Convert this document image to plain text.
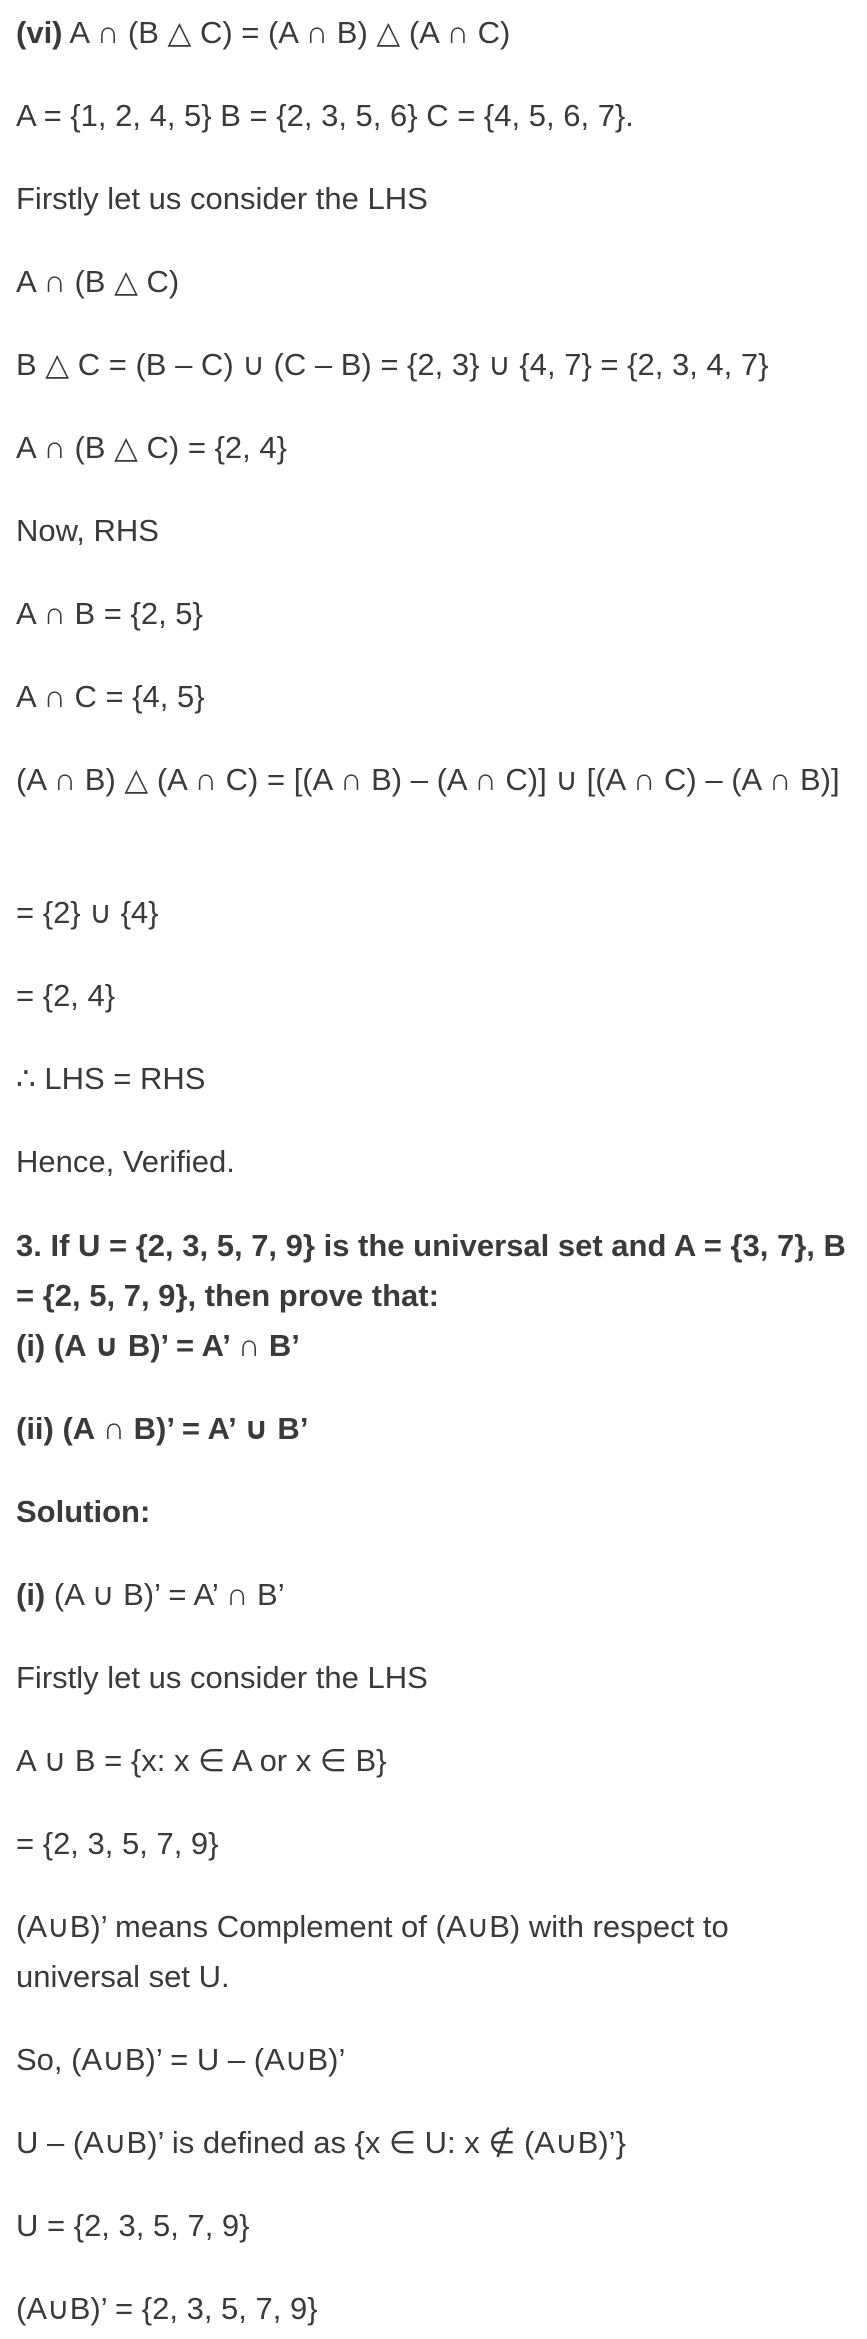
(vi) A ∩ (B △ C) = (A ∩ B) △ (A ∩ C)
A = {1, 2, 4, 5} B = {2, 3, 5, 6} C = {4, 5, 6, 7}.
Firstly let us consider the LHS
A ∩ (B △ C)
B △ C = (B – C) ∪ (C – B) = {2, 3} ∪ {4, 7} = {2, 3, 4, 7}
A ∩ (B △ C) = {2, 4}
Now, RHS
A ∩ B = {2, 5}
A ∩ C = {4, 5}
(A ∩ B) △ (A ∩ C) = [(A ∩ B) – (A ∩ C)] ∪ [(A ∩ C) – (A ∩ B)]
= {2} ∪ {4}
= {2, 4}
∴ LHS = RHS
Hence, Verified.
3. If U = {2, 3, 5, 7, 9} is the universal set and A = {3, 7}, B = {2, 5, 7, 9}, then prove that:
(i) (A ∪ B)’ = A’ ∩ B’
(ii) (A ∩ B)’ = A’ ∪ B’
Solution:
(i) (A ∪ B)’ = A’ ∩ B’
Firstly let us consider the LHS
A ∪ B = {x: x ∈ A or x ∈ B}
= {2, 3, 5, 7, 9}
(A∪B)’ means Complement of (A∪B) with respect to universal set U.
So, (A∪B)’ = U – (A∪B)’
U – (A∪B)’ is defined as {x ∈ U: x ∉ (A∪B)’}
U = {2, 3, 5, 7, 9}
(A∪B)’ = {2, 3, 5, 7, 9}
